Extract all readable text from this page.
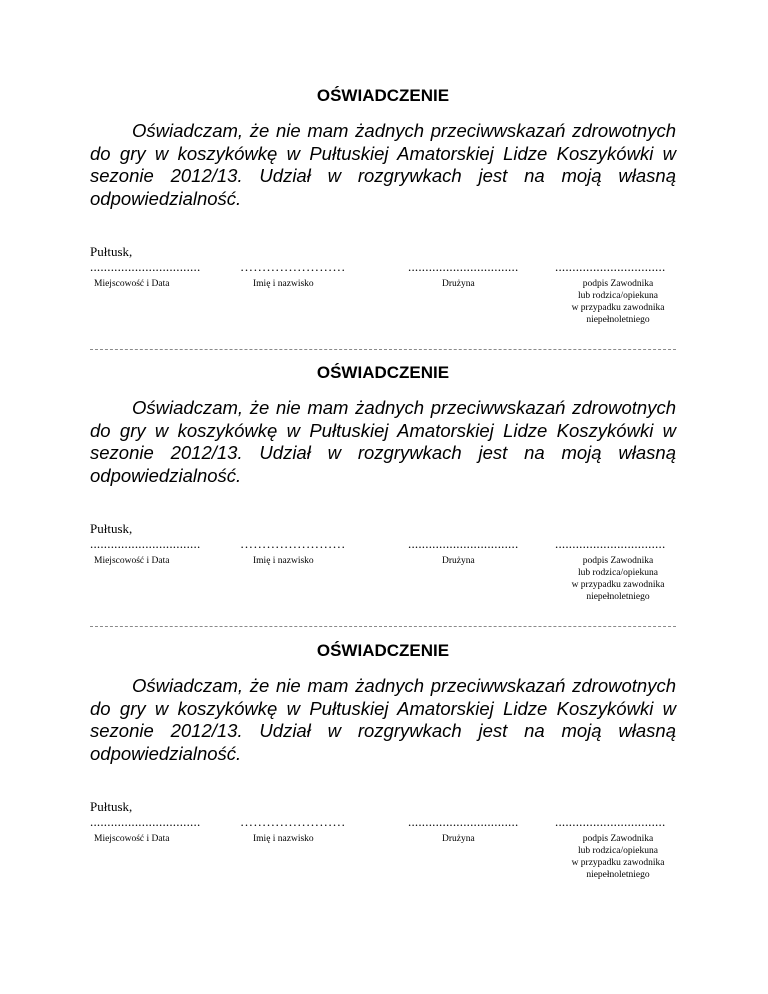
OŚWIADCZENIE
Oświadczam, że nie mam żadnych przeciwwskazań zdrowotnych do gry w koszykówkę w Pułtuskiej Amatorskiej Lidze Koszykówki w sezonie 2012/13. Udział w rozgrywkach jest na moją własną odpowiedzialność.
Pułtusk,
................................	……………………	................................	................................
Miejscowość i Data	Imię i nazwisko	Drużyna	podpis Zawodnika
lub rodzica/opiekuna
w przypadku zawodnika
niepełnoletniego
OŚWIADCZENIE
Oświadczam, że nie mam żadnych przeciwwskazań zdrowotnych do gry w koszykówkę w Pułtuskiej Amatorskiej Lidze Koszykówki w sezonie 2012/13. Udział w rozgrywkach jest na moją własną odpowiedzialność.
Pułtusk,
................................	……………………	................................	................................
Miejscowość i Data	Imię i nazwisko	Drużyna	podpis Zawodnika
lub rodzica/opiekuna
w przypadku zawodnika
niepełnoletniego
OŚWIADCZENIE
Oświadczam, że nie mam żadnych przeciwwskazań zdrowotnych do gry w koszykówkę w Pułtuskiej Amatorskiej Lidze Koszykówki w sezonie 2012/13. Udział w rozgrywkach jest na moją własną odpowiedzialność.
Pułtusk,
................................	……………………	................................	................................
Miejscowość i Data	Imię i nazwisko	Drużyna	podpis Zawodnika
lub rodzica/opiekuna
w przypadku zawodnika
niepełnoletniego
